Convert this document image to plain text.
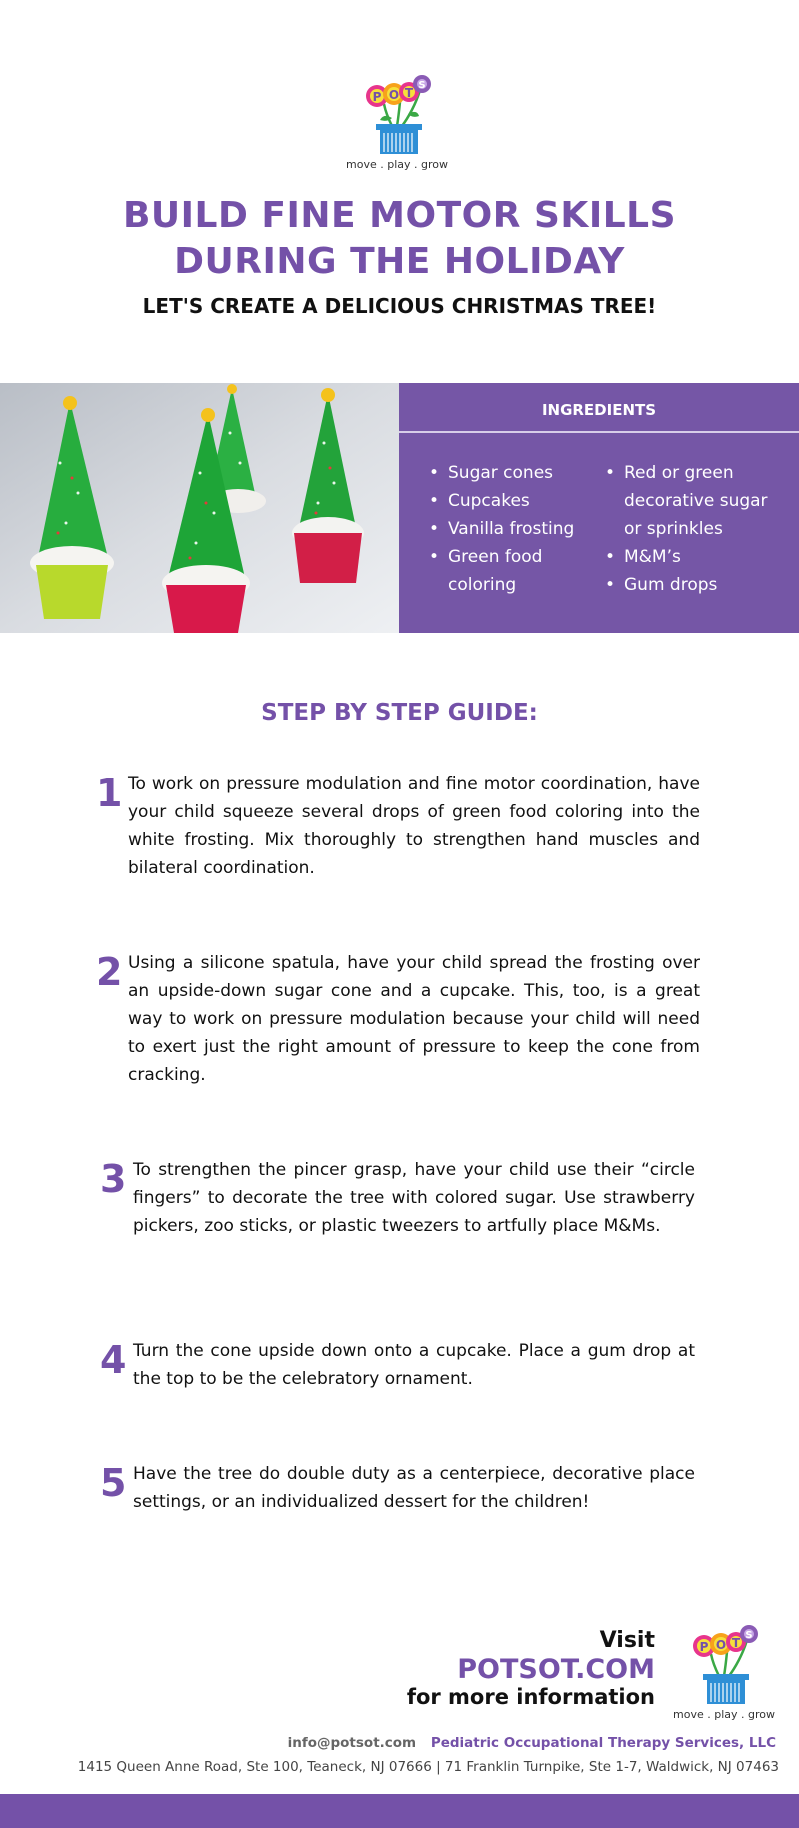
P O T
S
move . play . grow
BUILD FINE MOTOR SKILLS
DURING THE HOLIDAY
LET'S CREATE A DELICIOUS CHRISTMAS TREE!
INGREDIENTS
• Sugar cones
• Cupcakes
• Vanilla frosting
• Green food coloring
• Red or green decorative sugar or sprinkles
• M&M’s
• Gum drops
STEP BY STEP GUIDE:
1 To work on pressure modulation and fine motor coordination, have your child squeeze several drops of green food coloring into the white frosting. Mix thoroughly to strengthen hand muscles and bilateral coordination.

2 Using a silicone spatula, have your child spread the frosting over an upside-down sugar cone and a cupcake. This, too, is a great way to work on pressure modulation because your child will need to exert just the right amount of pressure to keep the cone from cracking.

3 To strengthen the pincer grasp, have your child use their “circle fingers” to decorate the tree with colored sugar. Use strawberry pickers, zoo sticks, or plastic tweezers to artfully place M&Ms.

4 Turn the cone upside down onto a cupcake. Place a gum drop at the top to be the celebratory ornament.

5 Have the tree do double duty as a centerpiece, decorative place settings, or an individualized dessert for the children!

Visit
POTSOT.COM
for more information
P O T
S
move . play . grow
info@potsot.com Pediatric Occupational Therapy Services, LLC
1415 Queen Anne Road, Ste 100, Teaneck, NJ 07666 | 71 Franklin Turnpike, Ste 1-7, Waldwick, NJ 07463
